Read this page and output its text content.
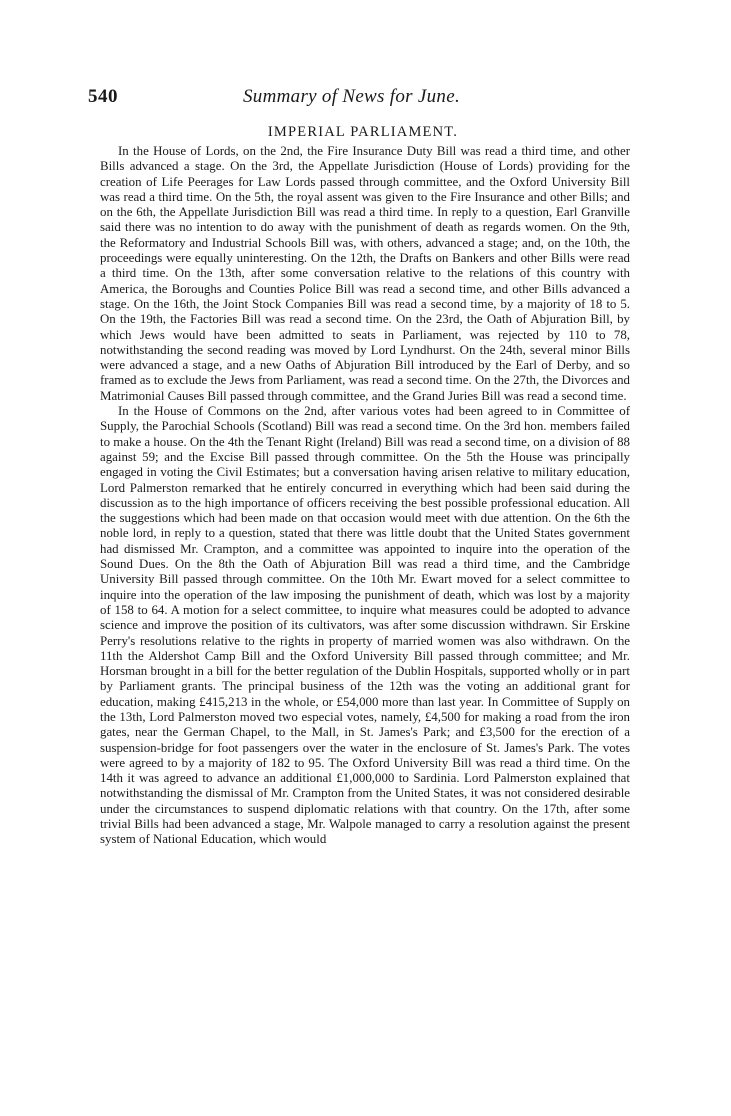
540	Summary of News for June.
IMPERIAL PARLIAMENT.

In the House of Lords, on the 2nd, the Fire Insurance Duty Bill was read a third time, and other Bills advanced a stage. On the 3rd, the Appellate Jurisdiction (House of Lords) providing for the creation of Life Peerages for Law Lords passed through committee, and the Oxford University Bill was read a third time. On the 5th, the royal assent was given to the Fire Insurance and other Bills; and on the 6th, the Appellate Jurisdiction Bill was read a third time. In reply to a question, Earl Granville said there was no intention to do away with the punishment of death as regards women. On the 9th, the Reformatory and Industrial Schools Bill was, with others, advanced a stage; and, on the 10th, the proceedings were equally uninteresting. On the 12th, the Drafts on Bankers and other Bills were read a third time. On the 13th, after some conversation relative to the relations of this country with America, the Boroughs and Counties Police Bill was read a second time, and other Bills advanced a stage. On the 16th, the Joint Stock Companies Bill was read a second time, by a majority of 18 to 5. On the 19th, the Factories Bill was read a second time. On the 23rd, the Oath of Abjuration Bill, by which Jews would have been admitted to seats in Parliament, was rejected by 110 to 78, notwithstanding the second reading was moved by Lord Lyndhurst. On the 24th, several minor Bills were advanced a stage, and a new Oaths of Abjuration Bill introduced by the Earl of Derby, and so framed as to exclude the Jews from Parliament, was read a second time. On the 27th, the Divorces and Matrimonial Causes Bill passed through committee, and the Grand Juries Bill was read a second time.

In the House of Commons on the 2nd, after various votes had been agreed to in Committee of Supply, the Parochial Schools (Scotland) Bill was read a second time. On the 3rd hon. members failed to make a house. On the 4th the Tenant Right (Ireland) Bill was read a second time, on a division of 88 against 59; and the Excise Bill passed through committee. On the 5th the House was principally engaged in voting the Civil Estimates; but a conversation having arisen relative to military education, Lord Palmerston remarked that he entirely concurred in everything which had been said during the discussion as to the high importance of officers receiving the best possible professional education. All the suggestions which had been made on that occasion would meet with due attention. On the 6th the noble lord, in reply to a question, stated that there was little doubt that the United States government had dismissed Mr. Crampton, and a committee was appointed to inquire into the operation of the Sound Dues. On the 8th the Oath of Abjuration Bill was read a third time, and the Cambridge University Bill passed through committee. On the 10th Mr. Ewart moved for a select committee to inquire into the operation of the law imposing the punishment of death, which was lost by a majority of 158 to 64. A motion for a select committee, to inquire what measures could be adopted to advance science and improve the position of its cultivators, was after some discussion withdrawn. Sir Erskine Perry's resolutions relative to the rights in property of married women was also withdrawn. On the 11th the Aldershot Camp Bill and the Oxford University Bill passed through committee; and Mr. Horsman brought in a bill for the better regulation of the Dublin Hospitals, supported wholly or in part by Parliament grants. The principal business of the 12th was the voting an additional grant for education, making £415,213 in the whole, or £54,000 more than last year. In Committee of Supply on the 13th, Lord Palmerston moved two especial votes, namely, £4,500 for making a road from the iron gates, near the German Chapel, to the Mall, in St. James's Park; and £3,500 for the erection of a suspension-bridge for foot passengers over the water in the enclosure of St. James's Park. The votes were agreed to by a majority of 182 to 95. The Oxford University Bill was read a third time. On the 14th it was agreed to advance an additional £1,000,000 to Sardinia. Lord Palmerston explained that notwithstanding the dismissal of Mr. Crampton from the United States, it was not considered desirable under the circumstances to suspend diplomatic relations with that country. On the 17th, after some trivial Bills had been advanced a stage, Mr. Walpole managed to carry a resolution against the present system of National Education, which would
